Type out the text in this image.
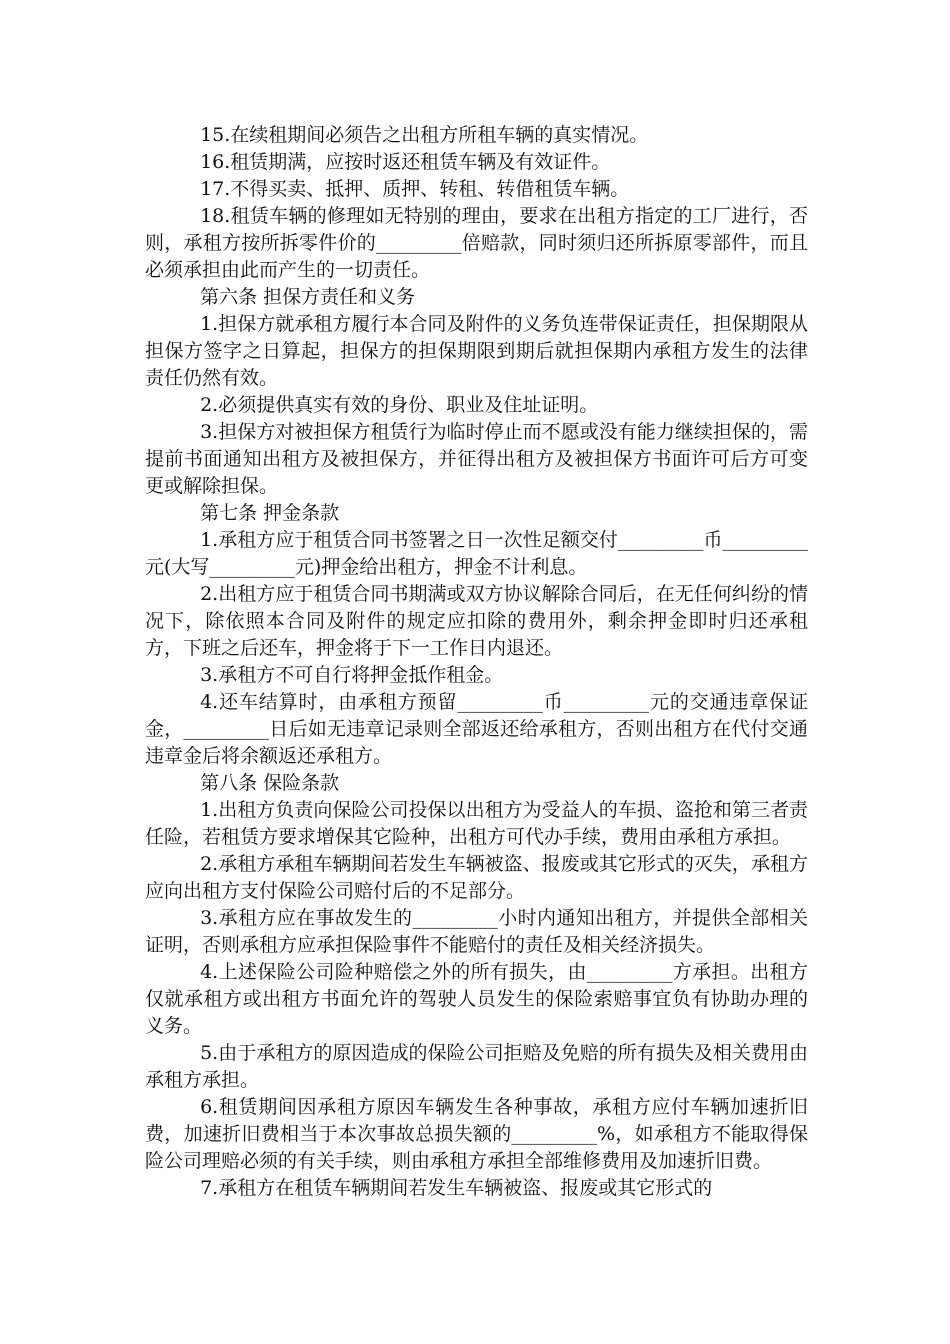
15.在续租期间必须告之出租方所租车辆的真实情况。

16.租赁期满，应按时返还租赁车辆及有效证件。

17.不得买卖、抵押、质押、转租、转借租赁车辆。

18.租赁车辆的修理如无特别的理由，要求在出租方指定的工厂进行，否则，承租方按所拆零件价的_________倍赔款，同时须归还所拆原零部件，而且必须承担由此而产生的一切责任。

第六条 担保方责任和义务

1.担保方就承租方履行本合同及附件的义务负连带保证责任，担保期限从担保方签字之日算起，担保方的担保期限到期后就担保期内承租方发生的法律责任仍然有效。

2.必须提供真实有效的身份、职业及住址证明。

3.担保方对被担保方租赁行为临时停止而不愿或没有能力继续担保的，需提前书面通知出租方及被担保方，并征得出租方及被担保方书面许可后方可变更或解除担保。

第七条 押金条款

1.承租方应于租赁合同书签署之日一次性足额交付_________币_________元(大写_________元)押金给出租方，押金不计利息。

2.出租方应于租赁合同书期满或双方协议解除合同后，在无任何纠纷的情况下，除依照本合同及附件的规定应扣除的费用外，剩余押金即时归还承租方，下班之后还车，押金将于下一工作日内退还。

3.承租方不可自行将押金抵作租金。

4.还车结算时，由承租方预留_________币_________元的交通违章保证金，_________日后如无违章记录则全部返还给承租方，否则出租方在代付交通违章金后将余额返还承租方。

第八条 保险条款

1.出租方负责向保险公司投保以出租方为受益人的车损、盗抢和第三者责任险，若租赁方要求增保其它险种，出租方可代办手续，费用由承租方承担。

2.承租方承租车辆期间若发生车辆被盗、报废或其它形式的灭失，承租方应向出租方支付保险公司赔付后的不足部分。

3.承租方应在事故发生的_________小时内通知出租方，并提供全部相关证明，否则承租方应承担保险事件不能赔付的责任及相关经济损失。

4.上述保险公司险种赔偿之外的所有损失，由_________方承担。出租方仅就承租方或出租方书面允许的驾驶人员发生的保险索赔事宜负有协助办理的义务。

5.由于承租方的原因造成的保险公司拒赔及免赔的所有损失及相关费用由承租方承担。

6.租赁期间因承租方原因车辆发生各种事故，承租方应付车辆加速折旧费，加速折旧费相当于本次事故总损失额的_________%，如承租方不能取得保险公司理赔必须的有关手续，则由承租方承担全部维修费用及加速折旧费。

7.承租方在租赁车辆期间若发生车辆被盗、报废或其它形式的
